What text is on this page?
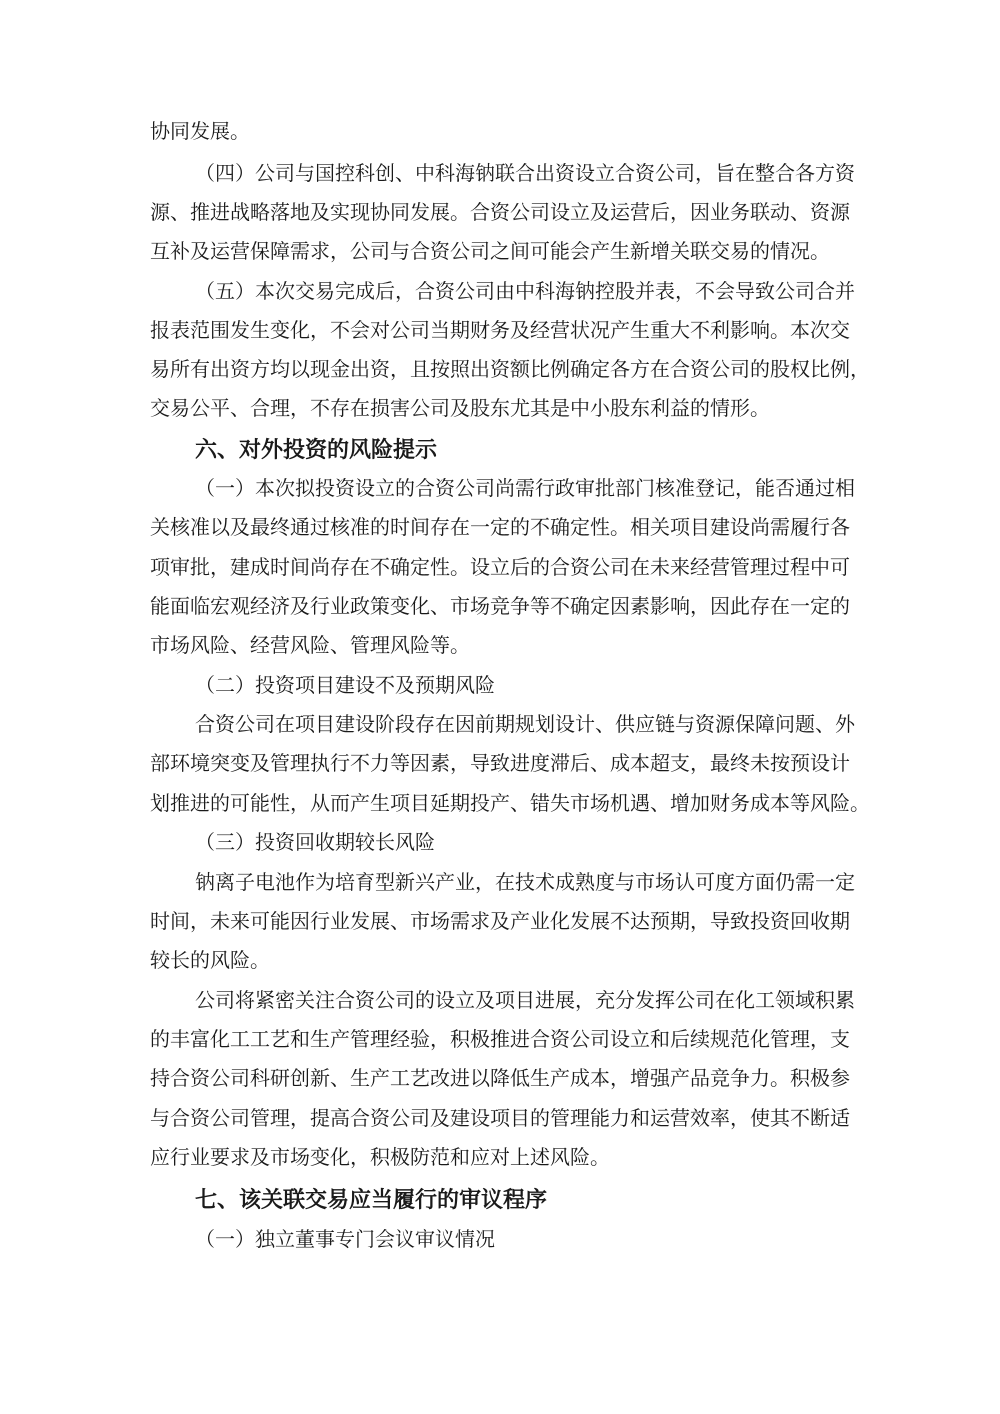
协同发展。
（四）公司与国控科创、中科海钠联合出资设立合资公司，旨在整合各方资
源、推进战略落地及实现协同发展。合资公司设立及运营后，因业务联动、资源
互补及运营保障需求，公司与合资公司之间可能会产生新增关联交易的情况。
（五）本次交易完成后，合资公司由中科海钠控股并表，不会导致公司合并
报表范围发生变化，不会对公司当期财务及经营状况产生重大不利影响。本次交
易所有出资方均以现金出资，且按照出资额比例确定各方在合资公司的股权比例，
交易公平、合理，不存在损害公司及股东尤其是中小股东利益的情形。
六、对外投资的风险提示
（一）本次拟投资设立的合资公司尚需行政审批部门核准登记，能否通过相
关核准以及最终通过核准的时间存在一定的不确定性。相关项目建设尚需履行各
项审批，建成时间尚存在不确定性。设立后的合资公司在未来经营管理过程中可
能面临宏观经济及行业政策变化、市场竞争等不确定因素影响，因此存在一定的
市场风险、经营风险、管理风险等。
（二）投资项目建设不及预期风险
合资公司在项目建设阶段存在因前期规划设计、供应链与资源保障问题、外
部环境突变及管理执行不力等因素，导致进度滞后、成本超支，最终未按预设计
划推进的可能性，从而产生项目延期投产、错失市场机遇、增加财务成本等风险。
（三）投资回收期较长风险
钠离子电池作为培育型新兴产业，在技术成熟度与市场认可度方面仍需一定
时间，未来可能因行业发展、市场需求及产业化发展不达预期，导致投资回收期
较长的风险。
公司将紧密关注合资公司的设立及项目进展，充分发挥公司在化工领域积累
的丰富化工工艺和生产管理经验，积极推进合资公司设立和后续规范化管理，支
持合资公司科研创新、生产工艺改进以降低生产成本，增强产品竞争力。积极参
与合资公司管理，提高合资公司及建设项目的管理能力和运营效率，使其不断适
应行业要求及市场变化，积极防范和应对上述风险。
七、该关联交易应当履行的审议程序
（一）独立董事专门会议审议情况
